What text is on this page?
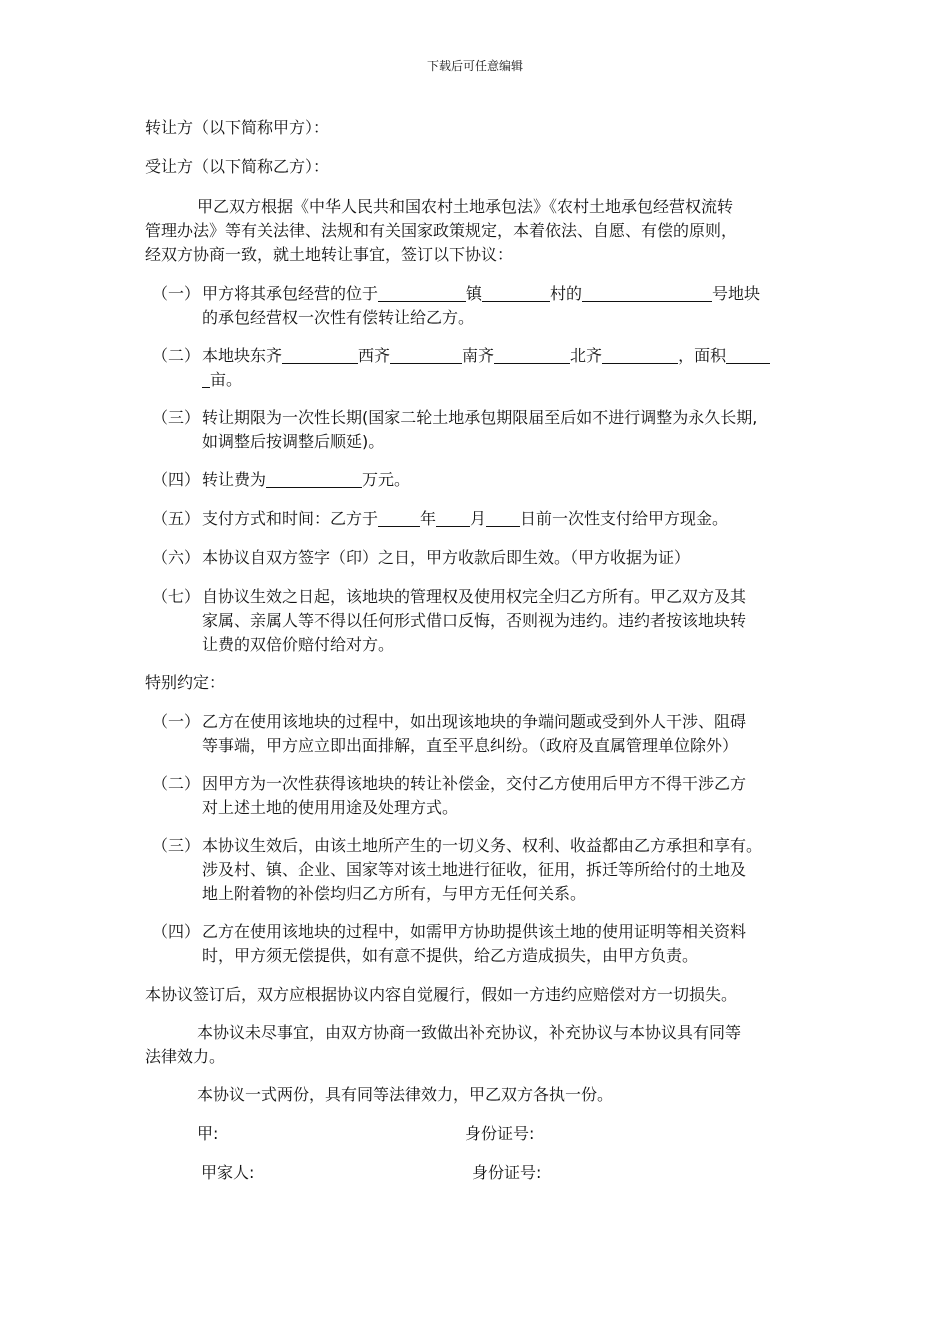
下载后可任意编辑
转让方（以下简称甲方）：
受让方（以下简称乙方）：
甲乙双方根据《中华人民共和国农村土地承包法》《农村土地承包经营权流转
管理办法》等有关法律、法规和有关国家政策规定，本着依法、自愿、有偿的原则，
经双方协商一致，就土地转让事宜，签订以下协议：
（一） 甲方将其承包经营的位于	镇	村的	号地块
的承包经营权一次性有偿转让给乙方。
（二） 本地块东齐	西齐	南齐	北齐	，面积
亩。
（三） 转让期限为一次性长期(国家二轮土地承包期限届至后如不进行调整为永久长期,
如调整后按调整后顺延)。
（四） 转让费为	万元。
（五） 支付方式和时间：乙方于	年 月 日前一次性支付给甲方现金。
（六） 本协议自双方签字（印）之日，甲方收款后即生效。（甲方收据为证）
（七） 自协议生效之日起，该地块的管理权及使用权完全归乙方所有。甲乙双方及其
家属、亲属人等不得以任何形式借口反悔，否则视为违约。违约者按该地块转
让费的双倍价赔付给对方。
特别约定：
（一） 乙方在使用该地块的过程中，如出现该地块的争端问题或受到外人干涉、阻碍
等事端，甲方应立即出面排解，直至平息纠纷。（政府及直属管理单位除外）
（二） 因甲方为一次性获得该地块的转让补偿金，交付乙方使用后甲方不得干涉乙方
对上述土地的使用用途及处理方式。
（三） 本协议生效后，由该土地所产生的一切义务、权利、收益都由乙方承担和享有。
涉及村、镇、企业、国家等对该土地进行征收，征用，拆迁等所给付的土地及
地上附着物的补偿均归乙方所有，与甲方无任何关系。
（四） 乙方在使用该地块的过程中，如需甲方协助提供该土地的使用证明等相关资料
时，甲方须无偿提供，如有意不提供，给乙方造成损失，由甲方负责。
本协议签订后，双方应根据协议内容自觉履行，假如一方违约应赔偿对方一切损失。
本协议未尽事宜，由双方协商一致做出补充协议，补充协议与本协议具有同等
法律效力。
本协议一式两份，具有同等法律效力，甲乙双方各执一份。
甲:	身份证号:
甲家人:	身份证号:
